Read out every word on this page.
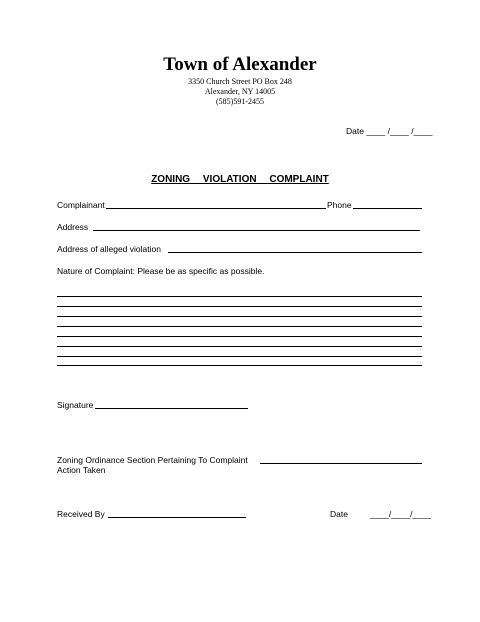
Town of Alexander
3350 Church Street PO Box 248
Alexander, NY 14005
(585)591-2455
Date ____ /____ /____
ZONING VIOLATION COMPLAINT
Complainant	Phone
Address
Address of alleged violation
Nature of Complaint: Please be as specific as possible.
Signature
Zoning Ordinance Section Pertaining To Complaint
Action Taken
Received By	Date	____/____/____
